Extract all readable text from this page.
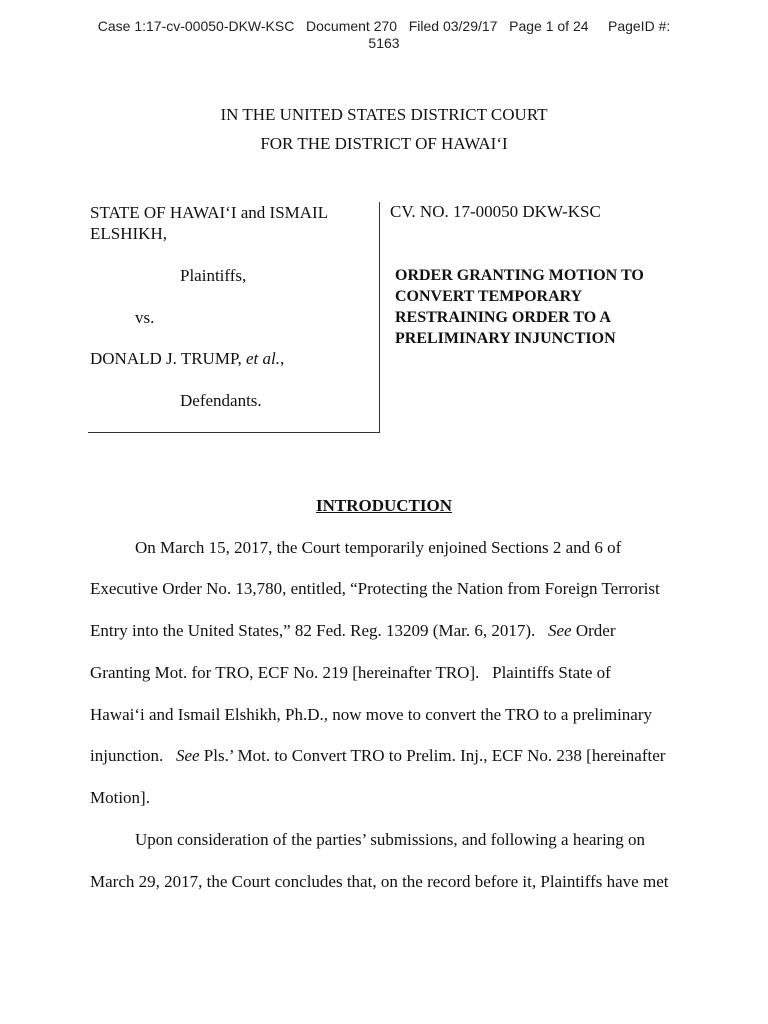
Case 1:17-cv-00050-DKW-KSC   Document 270   Filed 03/29/17   Page 1 of 24     PageID #:
5163
IN THE UNITED STATES DISTRICT COURT
FOR THE DISTRICT OF HAWAI‘I
STATE OF HAWAI‘I and ISMAIL ELSHIKH,
Plaintiffs,
vs.
DONALD J. TRUMP, et al.,
Defendants.
CV. NO. 17-00050 DKW-KSC
ORDER GRANTING MOTION TO
CONVERT TEMPORARY
RESTRAINING ORDER TO A
PRELIMINARY INJUNCTION
INTRODUCTION
On March 15, 2017, the Court temporarily enjoined Sections 2 and 6 of
Executive Order No. 13,780, entitled, “Protecting the Nation from Foreign Terrorist
Entry into the United States,” 82 Fed. Reg. 13209 (Mar. 6, 2017).   See Order
Granting Mot. for TRO, ECF No. 219 [hereinafter TRO].   Plaintiffs State of
Hawai‘i and Ismail Elshikh, Ph.D., now move to convert the TRO to a preliminary
injunction.   See Pls.’ Mot. to Convert TRO to Prelim. Inj., ECF No. 238 [hereinafter
Motion].
Upon consideration of the parties’ submissions, and following a hearing on
March 29, 2017, the Court concludes that, on the record before it, Plaintiffs have met
